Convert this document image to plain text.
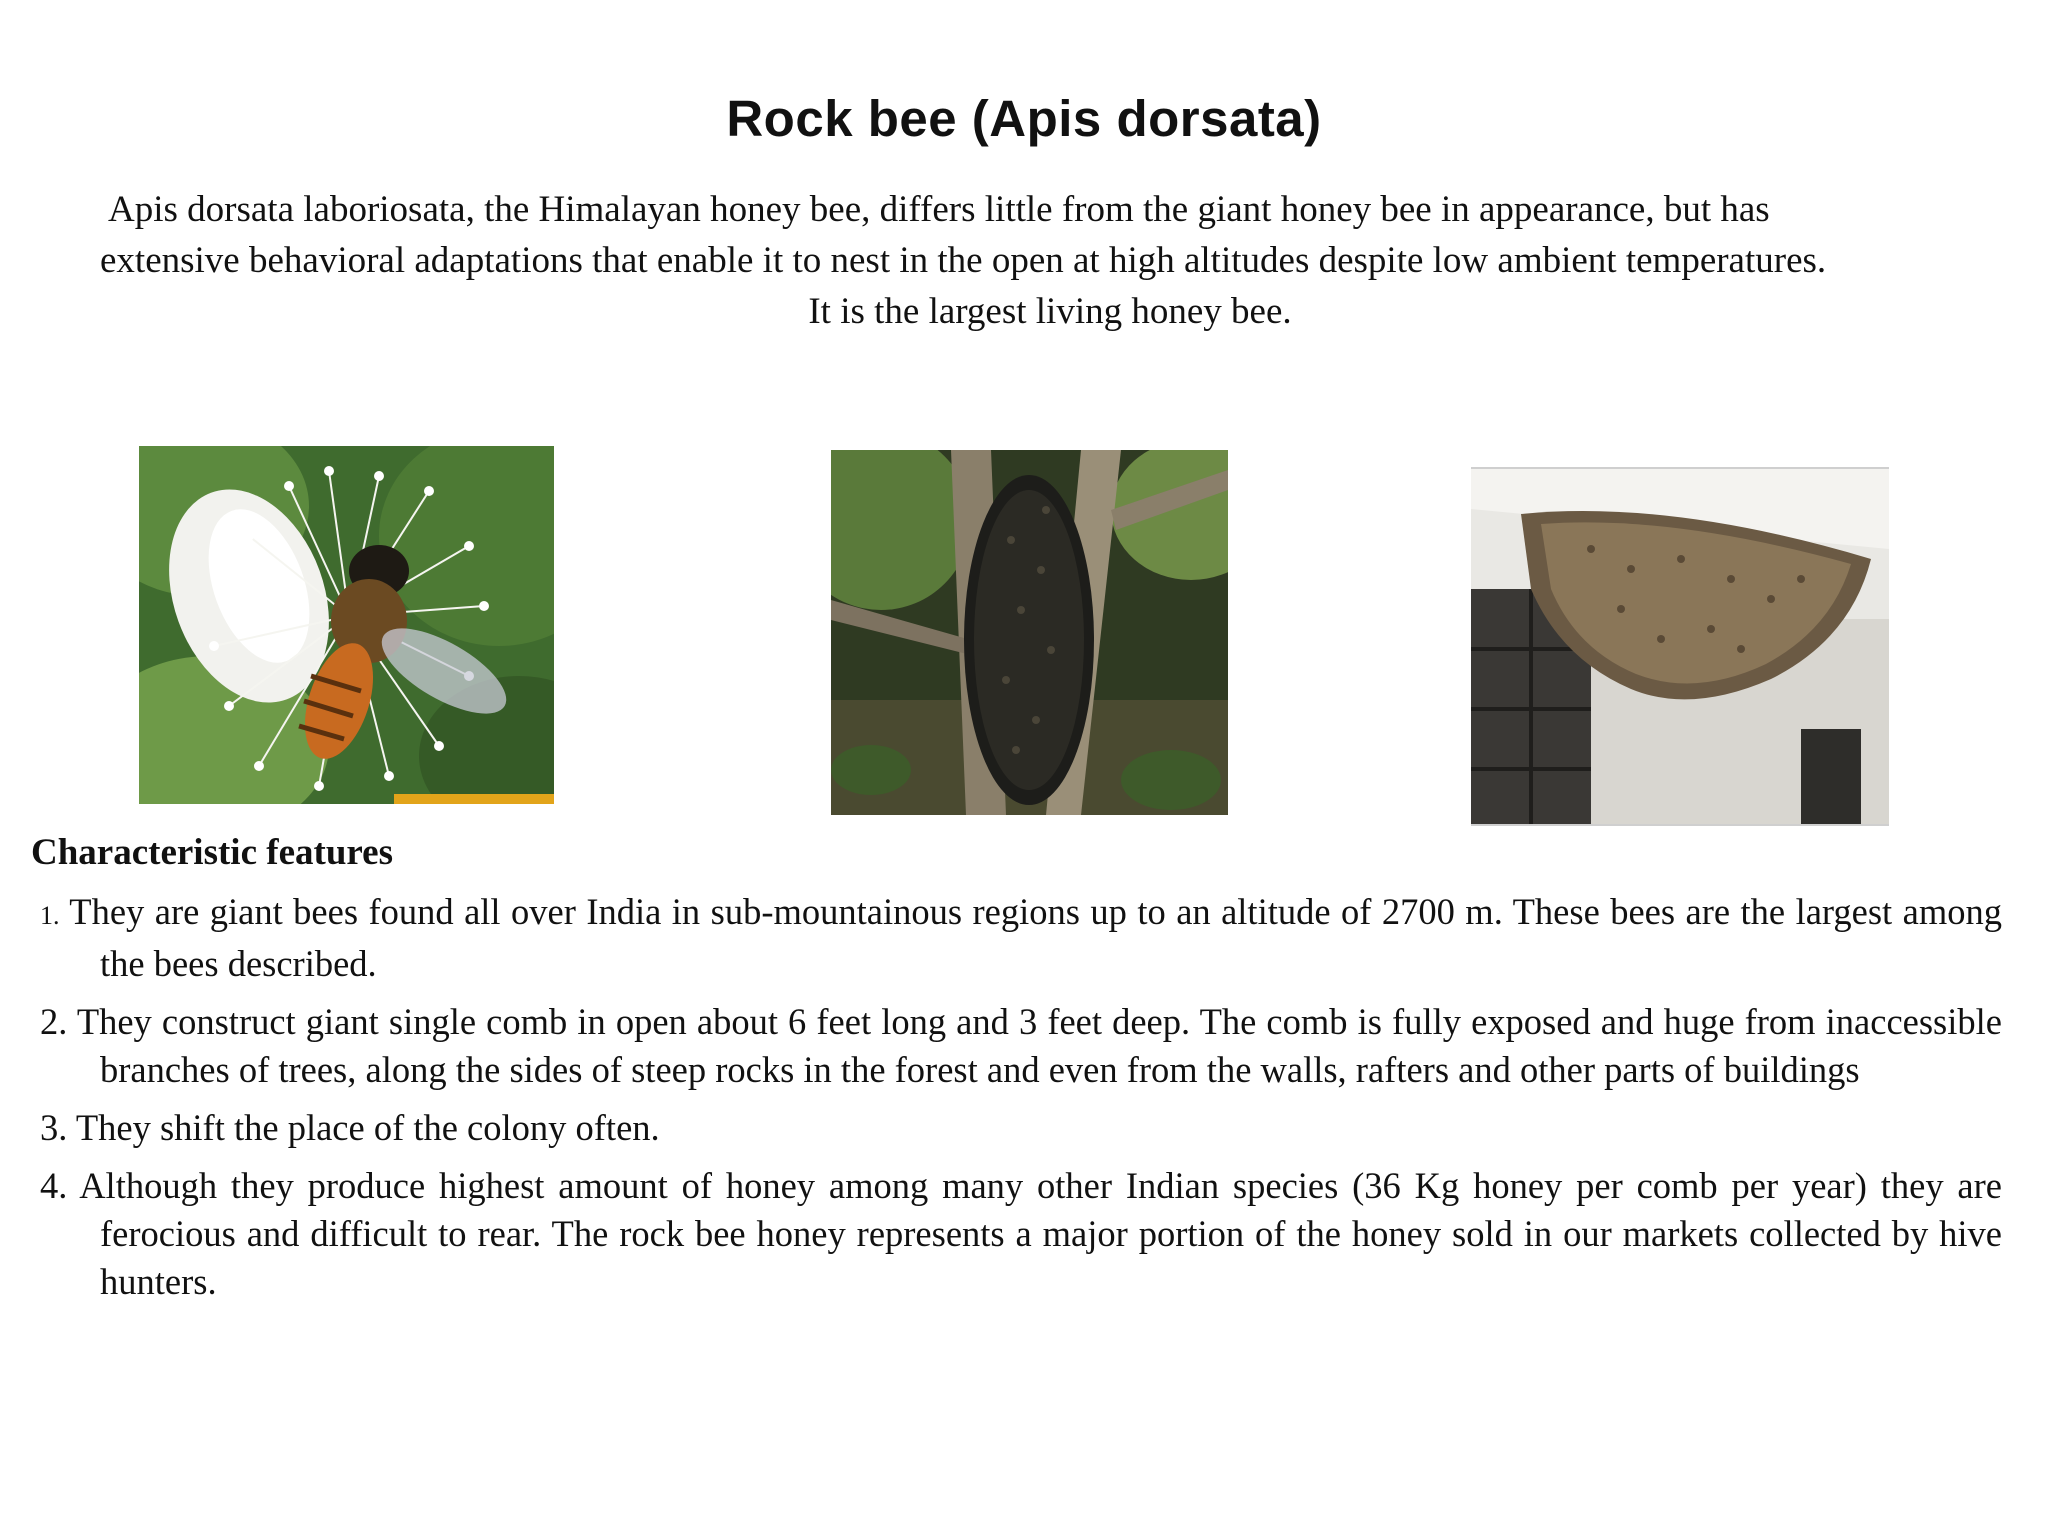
Rock bee (Apis dorsata)
Apis dorsata laboriosata, the Himalayan honey bee, differs little from the giant honey bee in appearance, but has
extensive behavioral adaptations that enable it to nest in the open at high altitudes despite low ambient temperatures.
It is the largest living honey bee.
Characteristic features
1. They are giant bees found all over India in sub-mountainous regions up to an altitude of 2700 m. These bees are the largest among the bees described.
2. They construct giant single comb in open about 6 feet long and 3 feet deep. The comb is fully exposed and huge from inaccessible branches of trees, along the sides of steep rocks in the forest and even from the walls, rafters and other parts of buildings
3. They shift the place of the colony often.
4. Although they produce highest amount of honey among many other Indian species (36 Kg honey per comb per year) they are ferocious and difficult to rear. The rock bee honey represents a major portion of the honey sold in our markets collected by hive hunters.
